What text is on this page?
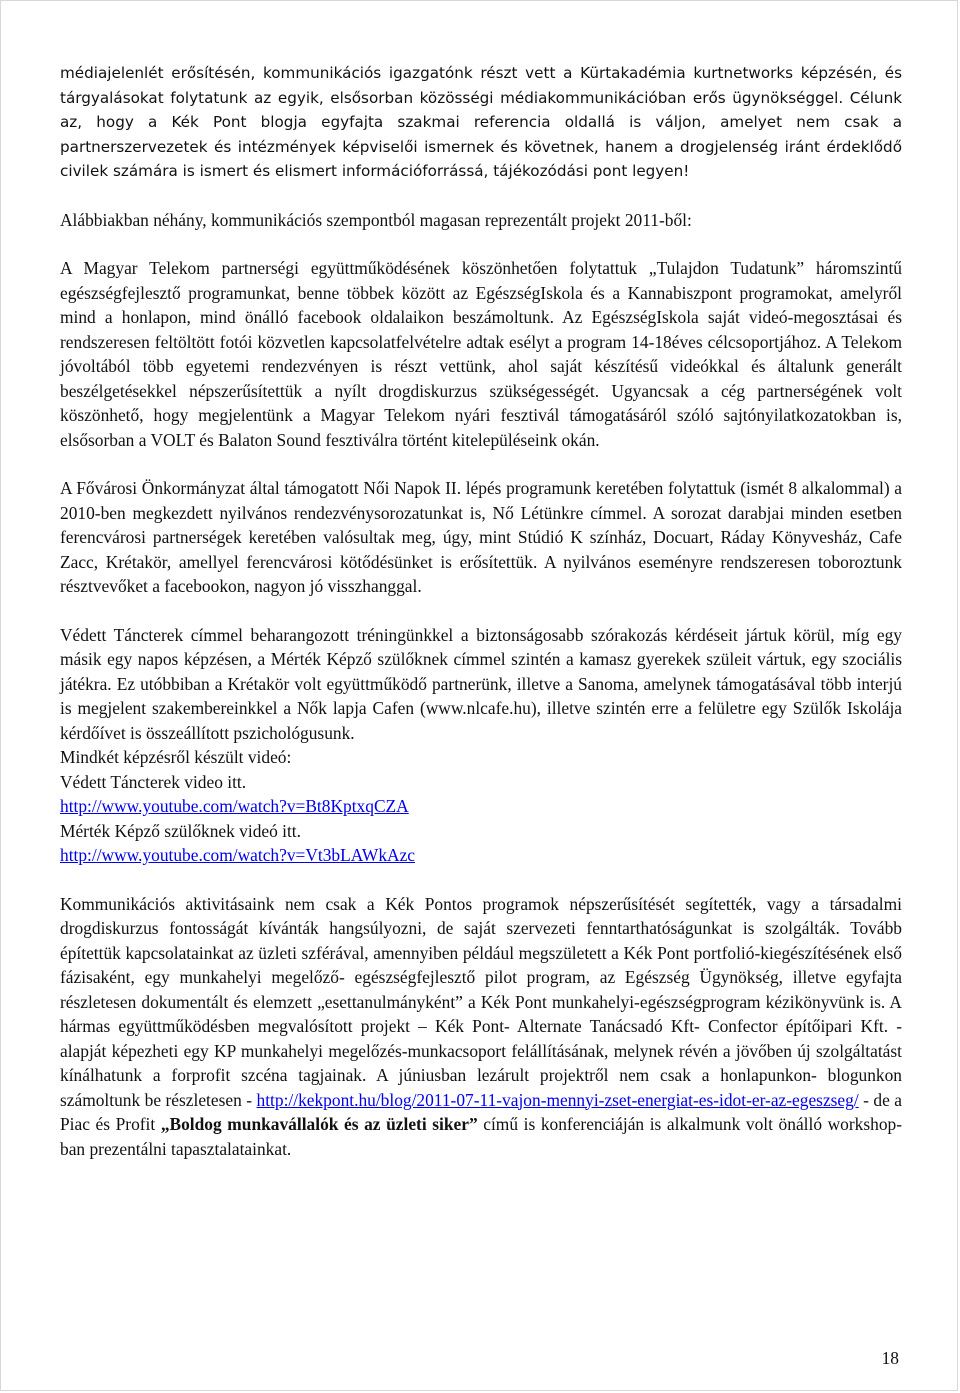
médiajelenlét erősítésén, kommunikációs igazgatónk részt vett a Kürtakadémia kurtnetworks képzésén, és tárgyalásokat folytatunk az egyik, elsősorban közösségi médiakommunikációban erős ügynökséggel. Célunk az, hogy a Kék Pont blogja egyfajta szakmai referencia oldallá is váljon, amelyet nem csak a partnerszervezetek és intézmények képviselői ismernek és követnek, hanem a drogjelenség iránt érdeklődő civilek számára is ismert és elismert információforrássá, tájékozódási pont legyen!

Alábbiakban néhány, kommunikációs szempontból magasan reprezentált projekt 2011-ből:

A Magyar Telekom partnerségi együttműködésének köszönhetően folytattuk „Tulajdon Tudatunk” háromszintű egészségfejlesztő programunkat, benne többek között az EgészségIskola és a Kannabiszpont programokat, amelyről mind a honlapon, mind önálló facebook oldalaikon beszámoltunk. Az EgészségIskola saját videó-megosztásai és rendszeresen feltöltött fotói közvetlen kapcsolatfelvételre adtak esélyt a program 14-18éves célcsoportjához. A Telekom jóvoltából több egyetemi rendezvényen is részt vettünk, ahol saját készítésű videókkal és általunk generált beszélgetésekkel népszerűsítettük a nyílt drogdiskurzus szükségességét. Ugyancsak a cég partnerségének volt köszönhető, hogy megjelentünk a Magyar Telekom nyári fesztivál támogatásáról szóló sajtónyilatkozatokban is, elsősorban a VOLT és Balaton Sound fesztiválra történt kitelepüléseink okán.

A Fővárosi Önkormányzat által támogatott Női Napok II. lépés programunk keretében folytattuk (ismét 8 alkalommal) a 2010-ben megkezdett nyilvános rendezvénysorozatunkat is, Nő Létünkre címmel. A sorozat darabjai minden esetben ferencvárosi partnerségek keretében valósultak meg, úgy, mint Stúdió K színház, Docuart, Ráday Könyvesház, Cafe Zacc, Krétakör, amellyel ferencvárosi kötődésünket is erősítettük. A nyilvános eseményre rendszeresen toboroztunk résztvevőket a facebookon, nagyon jó visszhanggal.

Védett Táncterek címmel beharangozott tréningünkkel a biztonságosabb szórakozás kérdéseit jártuk körül, míg egy másik egy napos képzésen, a Mérték Képző szülőknek címmel szintén a kamasz gyerekek szüleit vártuk, egy szociális játékra. Ez utóbbiban a Krétakör volt együttműködő partnerünk, illetve a Sanoma, amelynek támogatásával több interjú is megjelent szakembereinkkel a Nők lapja Cafen (www.nlcafe.hu), illetve szintén erre a felületre egy Szülők Iskolája kérdőívet is összeállított pszichológusunk.

Mindkét képzésről készült videó:
Védett Táncterek video itt.
http://www.youtube.com/watch?v=Bt8KptxqCZA
Mérték Képző szülőknek videó itt.
http://www.youtube.com/watch?v=Vt3bLAWkAzc

Kommunikációs aktivitásaink nem csak a Kék Pontos programok népszerűsítését segítették, vagy a társadalmi drogdiskurzus fontosságát kívánták hangsúlyozni, de saját szervezeti fenntarthatóságunkat is szolgálták. Tovább építettük kapcsolatainkat az üzleti szférával, amennyiben például megszületett a Kék Pont portfolió-kiegészítésének első fázisaként, egy munkahelyi megelőző- egészségfejlesztő pilot program, az Egészség Ügynökség, illetve egyfajta részletesen dokumentált és elemzett „esettanulmányként” a Kék Pont munkahelyi-egészségprogram kézikönyvünk is. A hármas együttműködésben megvalósított projekt – Kék Pont- Alternate Tanácsadó Kft- Confector építőipari Kft. - alapját képezheti egy KP munkahelyi megelőzés-munkacsoport felállításának, melynek révén a jövőben új szolgáltatást kínálhatunk a forprofit szcéna tagjainak. A júniusban lezárult projektről nem csak a honlapunkon- blogunkon számoltunk be részletesen - http://kekpont.hu/blog/2011-07-11-vajon-mennyi-zset-energiat-es-idot-er-az-egeszseg/ - de a Piac és Profit „Boldog munkavállalók és az üzleti siker” című is konferenciáján is alkalmunk volt önálló workshop-ban prezentálni tapasztalatainkat.

18
